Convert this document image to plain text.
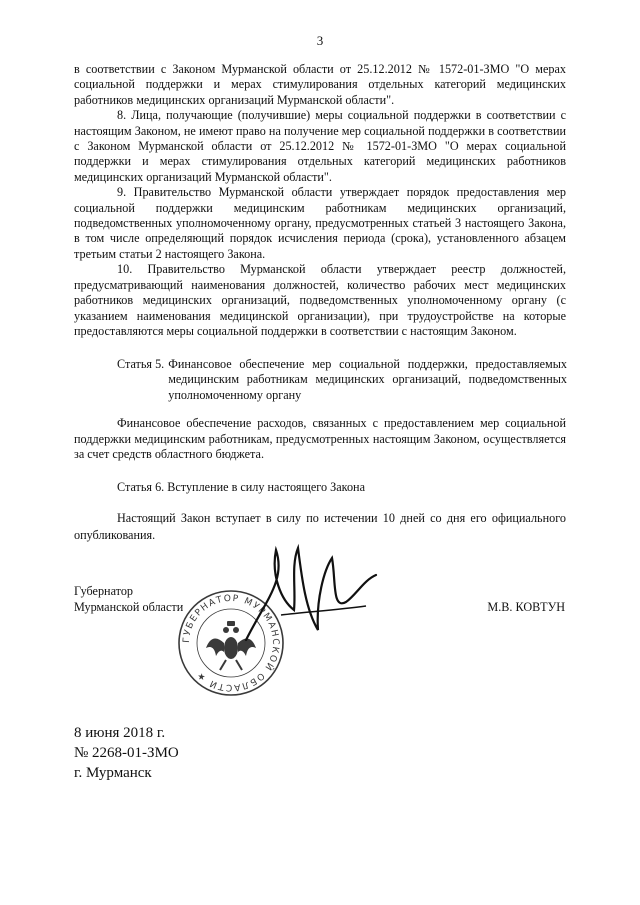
3

в соответствии с Законом Мурманской области от 25.12.2012 № 1572-01-ЗМО "О мерах социальной поддержки и мерах стимулирования отдельных категорий медицинских работников медицинских организаций Мурманской области".

8. Лица, получающие (получившие) меры социальной поддержки в соответствии с настоящим Законом, не имеют право на получение мер социальной поддержки в соответствии с Законом Мурманской области от 25.12.2012 № 1572-01-ЗМО "О мерах социальной поддержки и мерах стимулирования отдельных категорий медицинских работников медицинских организаций Мурманской области".

9. Правительство Мурманской области утверждает порядок предоставления мер социальной поддержки медицинским работникам медицинских организаций, подведомственных уполномоченному органу, предусмотренных статьей 3 настоящего Закона, в том числе определяющий порядок исчисления периода (срока), установленного абзацем третьим статьи 2 настоящего Закона.

10. Правительство Мурманской области утверждает реестр должностей, предусматривающий наименования должностей, количество рабочих мест медицинских работников медицинских организаций, подведомственных уполномоченному органу (с указанием наименования медицинской организации), при трудоустройстве на которые предоставляются меры социальной поддержки в соответствии с настоящим Законом.

Статья 5. Финансовое обеспечение мер социальной поддержки, предоставляемых медицинским работникам медицинских организаций, подведомственных уполномоченному органу

Финансовое обеспечение расходов, связанных с предоставлением мер социальной поддержки медицинским работникам, предусмотренных настоящим Законом, осуществляется за счет средств областного бюджета.

Статья 6. Вступление в силу настоящего Закона

Настоящий Закон вступает в силу по истечении 10 дней со дня его официального опубликования.

Губернатор
Мурманской области	М.В. КОВТУН
ГУБЕРНАТОР МУРМАНСКОЙ ОБЛАСТИ ★
8 июня 2018 г.
№ 2268-01-ЗМО
г. Мурманск
